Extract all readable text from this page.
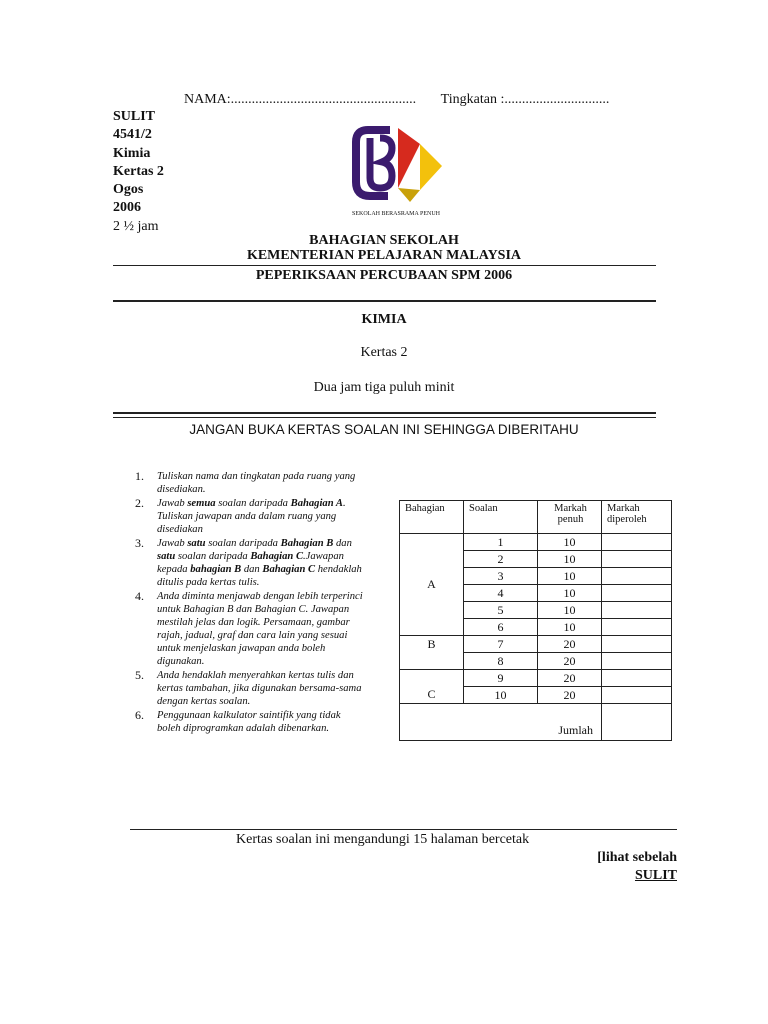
NAMA:..................................................... Tingkatan :..............................
SULIT
4541/2
Kimia
Kertas 2
Ogos
2006
2 ½ jam
SEKOLAH BERASRAMA PENUH
BAHAGIAN SEKOLAH
KEMENTERIAN PELAJARAN MALAYSIA
PEPERIKSAAN PERCUBAAN SPM 2006
KIMIA
Kertas 2
Dua jam tiga puluh minit
JANGAN BUKA KERTAS SOALAN INI SEHINGGA DIBERITAHU
1. Tuliskan nama dan tingkatan pada ruang yang disediakan.
2. Jawab semua soalan daripada Bahagian A. Tuliskan jawapan anda dalam ruang yang disediakan
3. Jawab satu soalan daripada Bahagian B dan satu soalan daripada Bahagian C.Jawapan kepada bahagian B dan Bahagian C hendaklah ditulis pada kertas tulis.
4. Anda diminta menjawab dengan lebih terperinci untuk Bahagian B dan Bahagian C. Jawapan mestilah jelas dan logik. Persamaan, gambar rajah, jadual, graf dan cara lain yang sesuai untuk menjelaskan jawapan anda boleh digunakan.
5. Anda hendaklah menyerahkan kertas tulis dan kertas tambahan, jika digunakan bersama-sama dengan kertas soalan.
6. Penggunaan kalkulator saintifik yang tidak boleh diprogramkan adalah dibenarkan.
Bahagian	Soalan	Markah penuh	Markah diperoleh
A	1	10	
	2	10	
	3	10	
	4	10	
	5	10	
	6	10	
B	7	20	
	8	20	
C	9	20	
	10	20	
Jumlah			
Kertas soalan ini mengandungi 15 halaman bercetak
[lihat sebelah
SULIT
